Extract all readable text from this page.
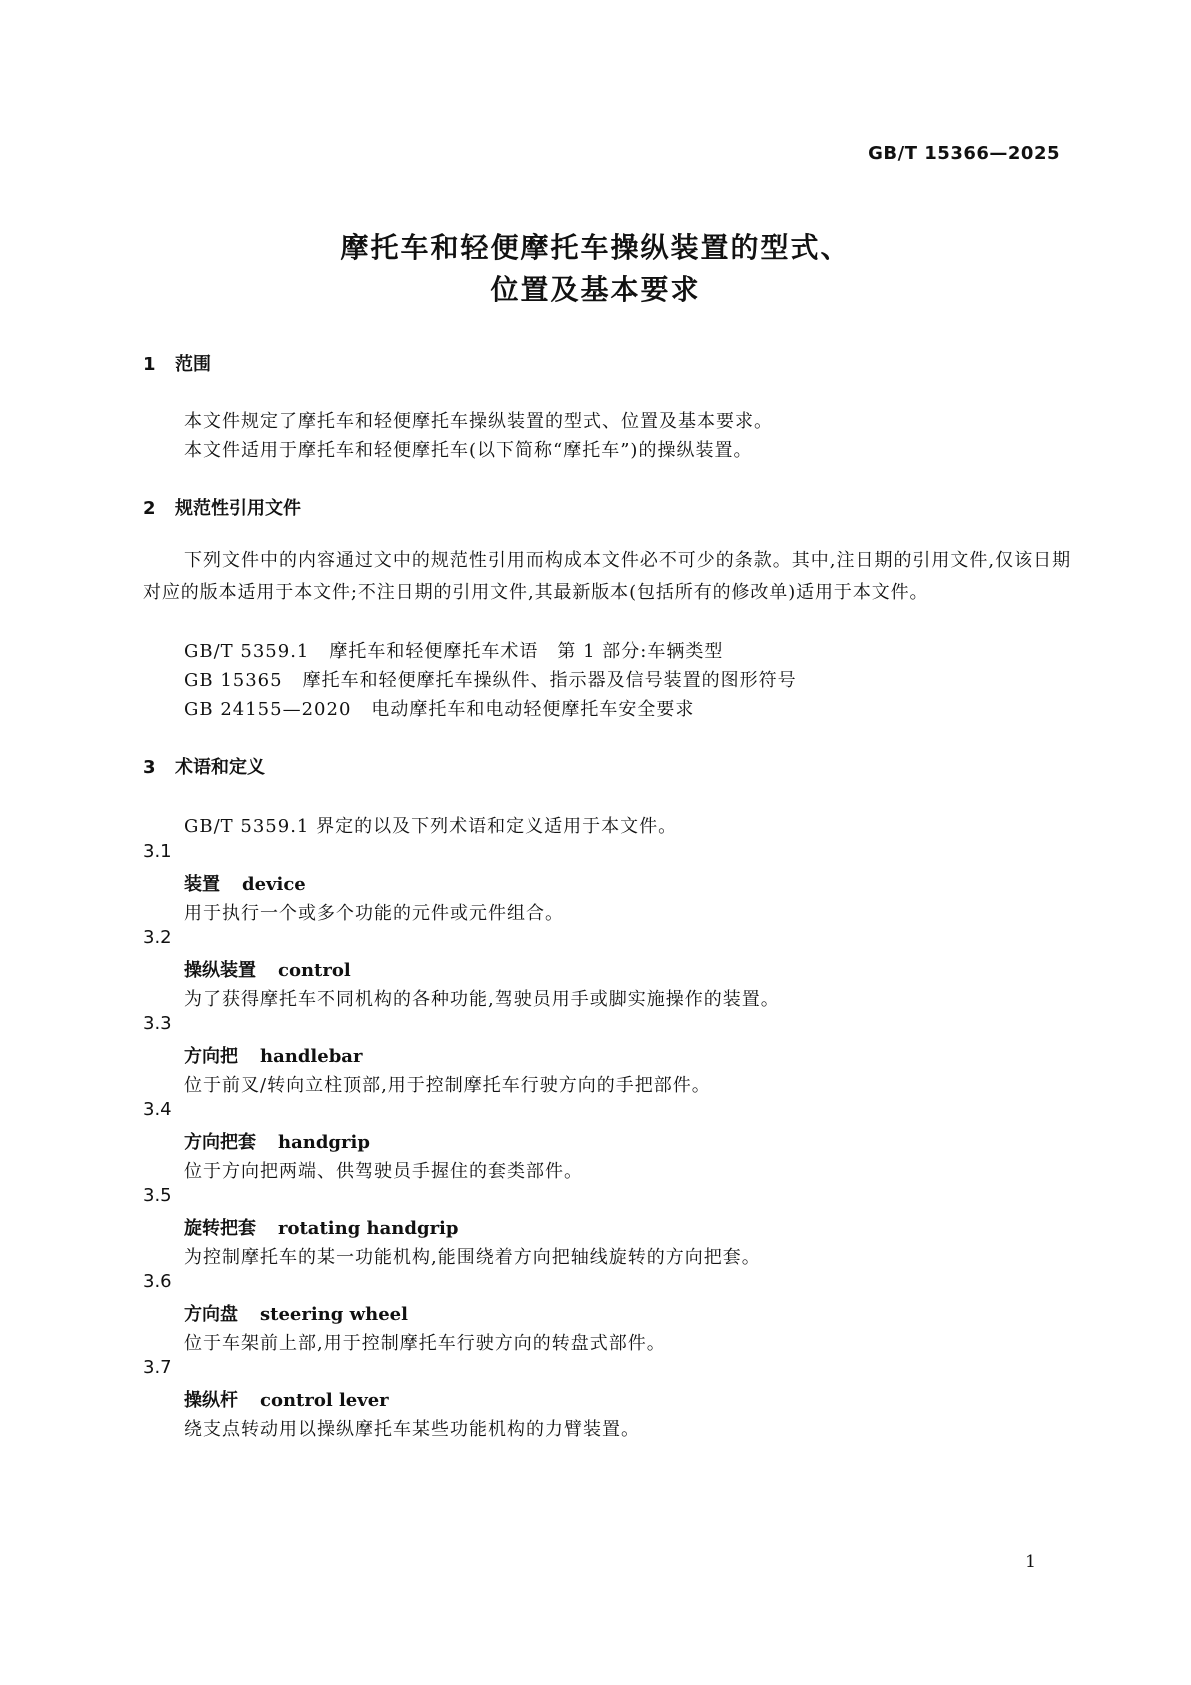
GB/T 15366—2025
摩托车和轻便摩托车操纵装置的型式、
位置及基本要求
1 范围
本文件规定了摩托车和轻便摩托车操纵装置的型式、位置及基本要求。
本文件适用于摩托车和轻便摩托车(以下简称“摩托车”)的操纵装置。
2 规范性引用文件
下列文件中的内容通过文中的规范性引用而构成本文件必不可少的条款。其中,注日期的引用文件,仅该日期对应的版本适用于本文件;不注日期的引用文件,其最新版本(包括所有的修改单)适用于本文件。
GB/T 5359.1 摩托车和轻便摩托车术语　第 1 部分:车辆类型
GB 15365 摩托车和轻便摩托车操纵件、指示器及信号装置的图形符号
GB 24155—2020 电动摩托车和电动轻便摩托车安全要求
3 术语和定义
GB/T 5359.1 界定的以及下列术语和定义适用于本文件。
3.1
装置 device
用于执行一个或多个功能的元件或元件组合。
3.2
操纵装置 control
为了获得摩托车不同机构的各种功能,驾驶员用手或脚实施操作的装置。
3.3
方向把 handlebar
位于前叉/转向立柱顶部,用于控制摩托车行驶方向的手把部件。
3.4
方向把套 handgrip
位于方向把两端、供驾驶员手握住的套类部件。
3.5
旋转把套 rotating handgrip
为控制摩托车的某一功能机构,能围绕着方向把轴线旋转的方向把套。
3.6
方向盘 steering wheel
位于车架前上部,用于控制摩托车行驶方向的转盘式部件。
3.7
操纵杆 control lever
绕支点转动用以操纵摩托车某些功能机构的力臂装置。
1
